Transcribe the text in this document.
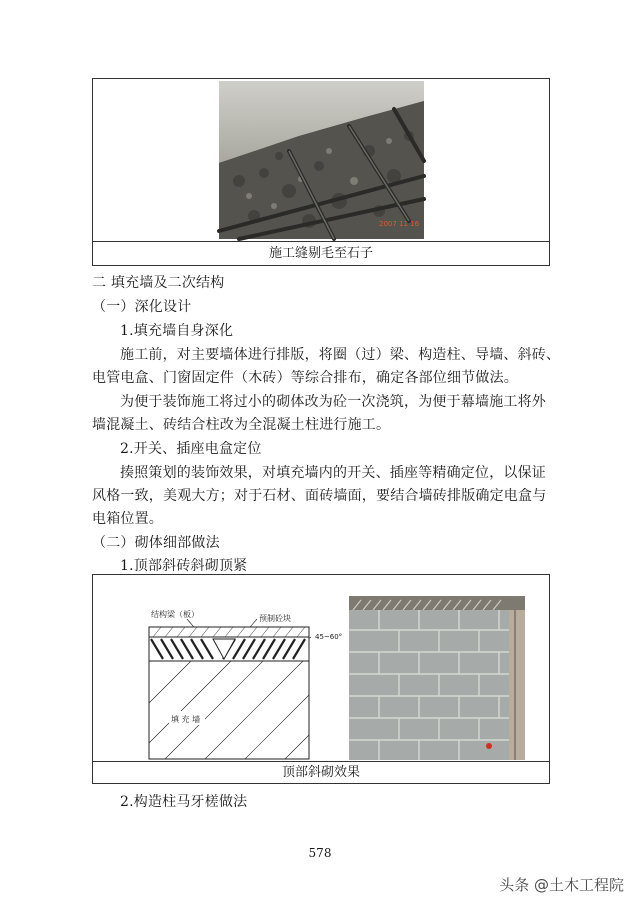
2007 11 16
施工缝剔毛至石子
二 填充墙及二次结构
（一）深化设计
1.填充墙自身深化
施工前，对主要墙体进行排版，将圈（过）梁、构造柱、导墙、斜砖、
电管电盒、门窗固定件（木砖）等综合排布，确定各部位细节做法。
为便于装饰施工将过小的砌体改为砼一次浇筑，为便于幕墙施工将外
墙混凝土、砖结合柱改为全混凝土柱进行施工。
2.开关、插座电盒定位
揍照策划的装饰效果，对填充墙内的开关、插座等精确定位，以保证
风格一致，美观大方；对于石材、面砖墙面，要结合墙砖排版确定电盒与
电箱位置。
（二）砌体细部做法
1.顶部斜砖斜砌顶紧
结构梁（板）	预制砼块
45~60°
填 充 墙
顶部斜砌效果
2.构造柱马牙槎做法
578
头条 @土木工程院
